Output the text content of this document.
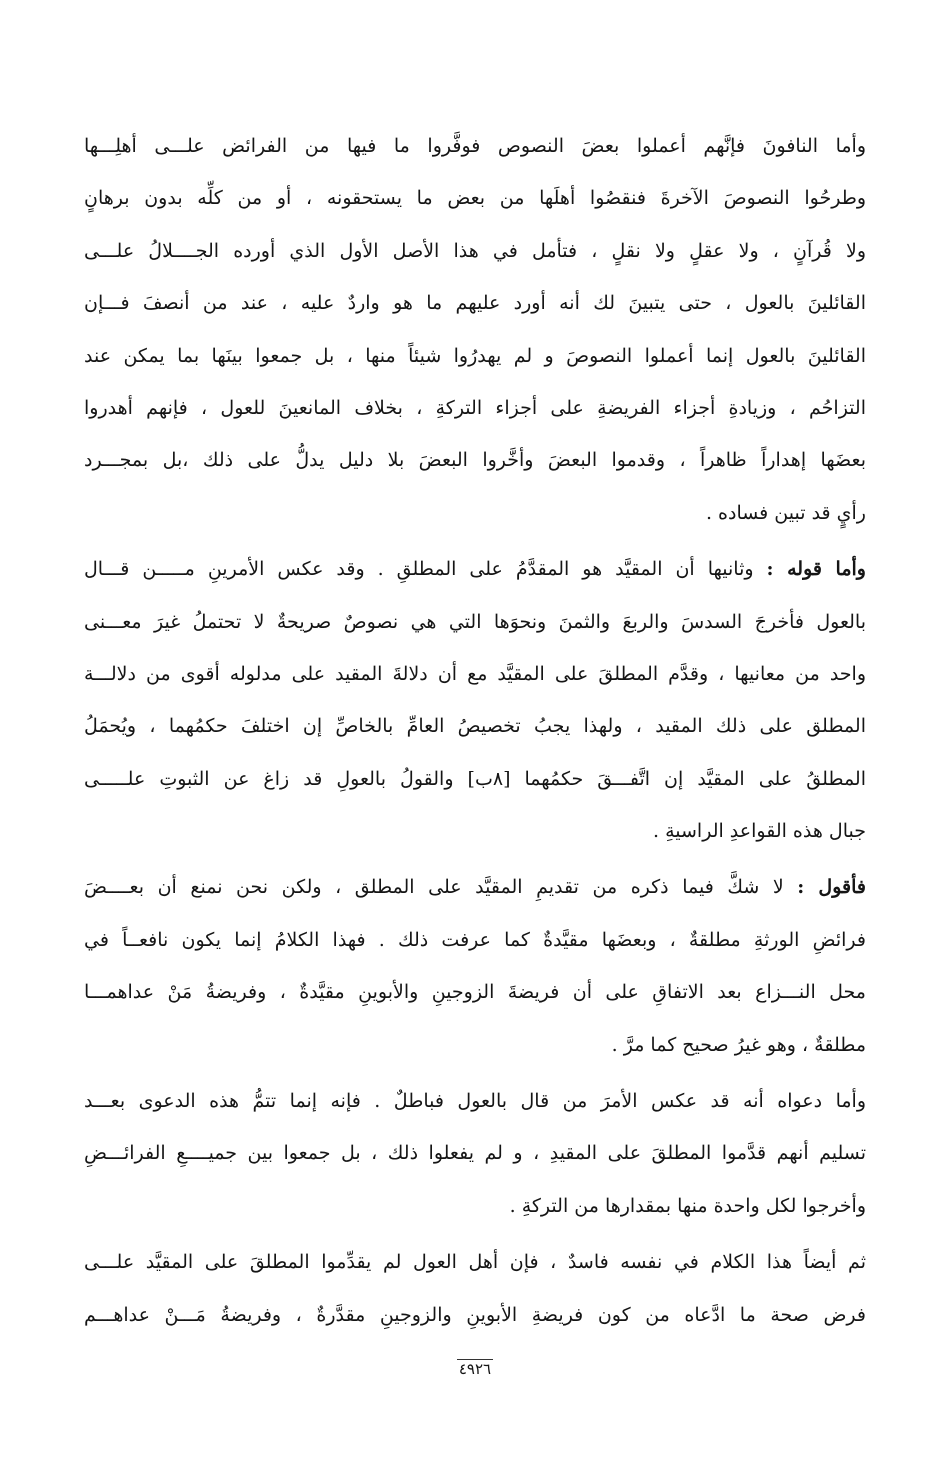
وأما النافونَ فإنَّهم أعملوا بعضَ النصوص فوفَّروا ما فيها من الفرائض علـــى أهلِـــها
وطرحُوا النصوصَ الآخرةَ فنقصُوا أهلَها من بعض ما يستحقونه ، أو من كلِّه بدون برهانٍ
ولا قُرآنٍ ، ولا عقلٍ ولا نقلٍ ، فتأمل في هذا الأصل الأول الذي أورده الجــــلالُ علـــى
القائلينَ بالعول ، حتى يتبينَ لك أنه أورد عليهم ما هو واردٌ عليه ، عند من أنصفَ فـــإن
القائلينَ بالعول إنما أعملوا النصوصَ و لم يهدرُوا شيئاً منها ، بل جمعوا بينَها بما يمكن عند
التزاحُم ، وزيادةِ أجزاء الفريضةِ على أجزاء التركةِ ، بخلاف المانعينَ للعول ، فإنهم أهدروا
بعضَها إهداراً ظاهراً ، وقدموا البعضَ وأخَّروا البعضَ بلا دليل يدلُّ على ذلك ،بل بمجـــرد
رأيٍ قد تبين فساده .
وأما قوله : وثانيها أن المقيَّد هو المقدَّمُ على المطلقِ . وقد عكس الأمرينِ مـــــن قـــال
بالعول فأخرجَ السدسَ والربعَ والثمنَ ونحوَها التي هي نصوصٌ صريحةٌ لا تحتملُ غيرَ معـــنى
واحد من معانيها ، وقدَّم المطلقَ على المقيَّد مع أن دلالةَ المقيد على مدلوله أقوى من دلالـــة
المطلق على ذلك المقيد ، ولهذا يجبُ تخصيصُ العامِّ بالخاصِّ إن اختلفَ حكمُهما ، ويُحمَلُ
المطلقُ على المقيَّد إن اتَّفـــقَ حكمُهما [٨ب] والقولُ بالعولِ قد زاغ عن الثبوتِ علـــــى
جبال هذه القواعدِ الراسيةِ .
فأقول : لا شكَّ فيما ذكره من تقديمِ المقيَّد على المطلق ، ولكن نحن نمنع أن بعــــضَ
فرائضِ الورثةِ مطلقةٌ ، وبعضَها مقيَّدةٌ كما عرفت ذلك . فهذا الكلامُ إنما يكون نافعــاً في
محل النـــزاع بعد الاتفاقِ على أن فريضةَ الزوجينِ والأبوينِ مقيَّدةٌ ، وفريضةُ مَنْ عداهمـــا
مطلقةٌ ، وهو غيرُ صحيح كما مرَّ .
وأما دعواه أنه قد عكس الأمرَ من قال بالعول فباطلٌ . فإنه إنما تتمُّ هذه الدعوى بعـــد
تسليم أنهم قدَّموا المطلقَ على المقيدِ ، و لم يفعلوا ذلك ، بل جمعوا بين جميــــعِ الفرائـــضِ
وأخرجوا لكل واحدة منها بمقدارها من التركةِ .
ثم أيضاً هذا الكلام في نفسه فاسدٌ ، فإن أهل العول لم يقدِّموا المطلقَ على المقيَّد علـــى
فرض صحة ما ادَّعاه من كون فريضةِ الأبوينِ والزوجينِ مقدَّرةٌ ، وفريضةُ مَـــنْ عداهـــم
٤٩٢٦
